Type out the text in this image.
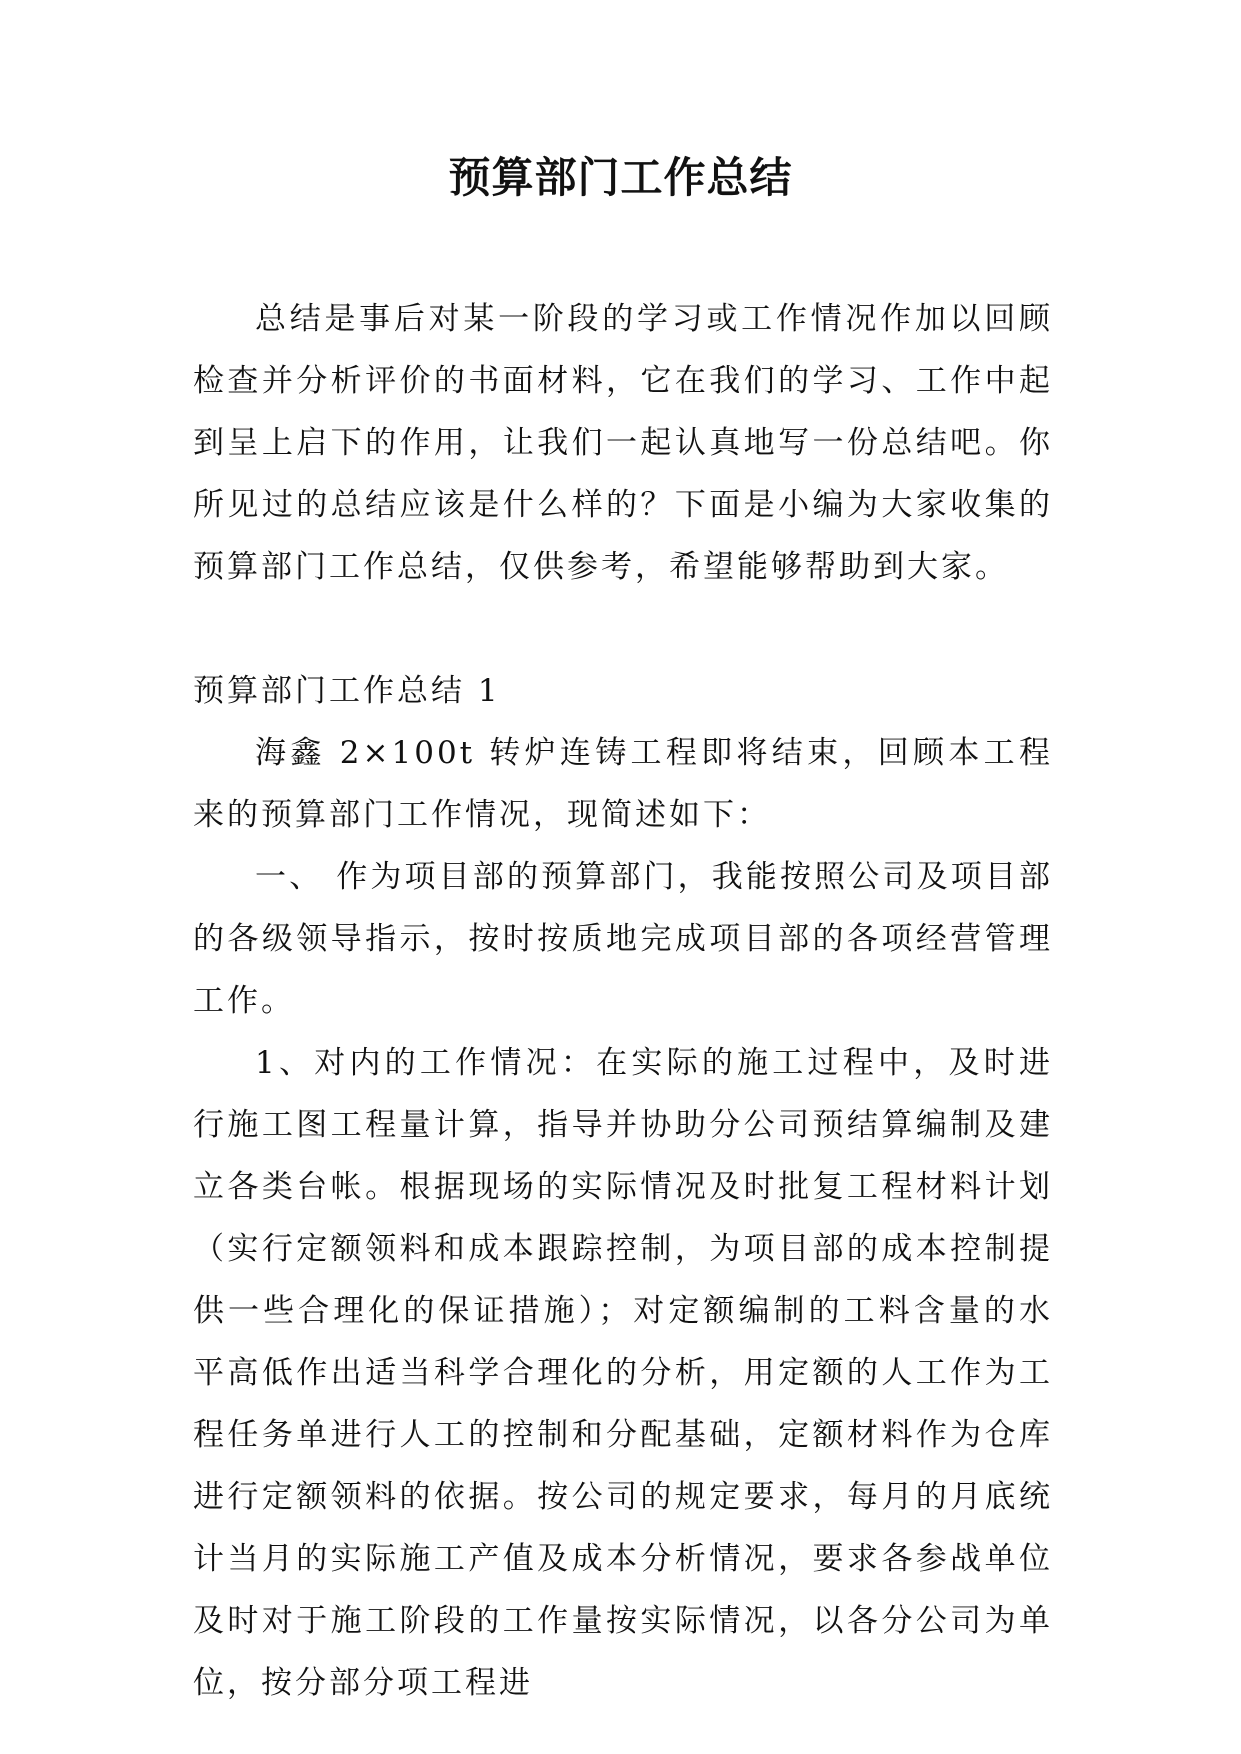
预算部门工作总结

总结是事后对某一阶段的学习或工作情况作加以回顾检查并分析评价的书面材料，它在我们的学习、工作中起到呈上启下的作用，让我们一起认真地写一份总结吧。你所见过的总结应该是什么样的？下面是小编为大家收集的预算部门工作总结，仅供参考，希望能够帮助到大家。

预算部门工作总结 1

海鑫 2×100t 转炉连铸工程即将结束，回顾本工程来的预算部门工作情况，现简述如下：

一、 作为项目部的预算部门，我能按照公司及项目部的各级领导指示，按时按质地完成项目部的各项经营管理工作。

1、对内的工作情况：在实际的施工过程中，及时进行施工图工程量计算，指导并协助分公司预结算编制及建立各类台帐。根据现场的实际情况及时批复工程材料计划（实行定额领料和成本跟踪控制，为项目部的成本控制提供一些合理化的保证措施）；对定额编制的工料含量的水平高低作出适当科学合理化的分析，用定额的人工作为工程任务单进行人工的控制和分配基础，定额材料作为仓库进行定额领料的依据。按公司的规定要求，每月的月底统计当月的实际施工产值及成本分析情况，要求各参战单位及时对于施工阶段的工作量按实际情况，以各分公司为单位，按分部分项工程进
